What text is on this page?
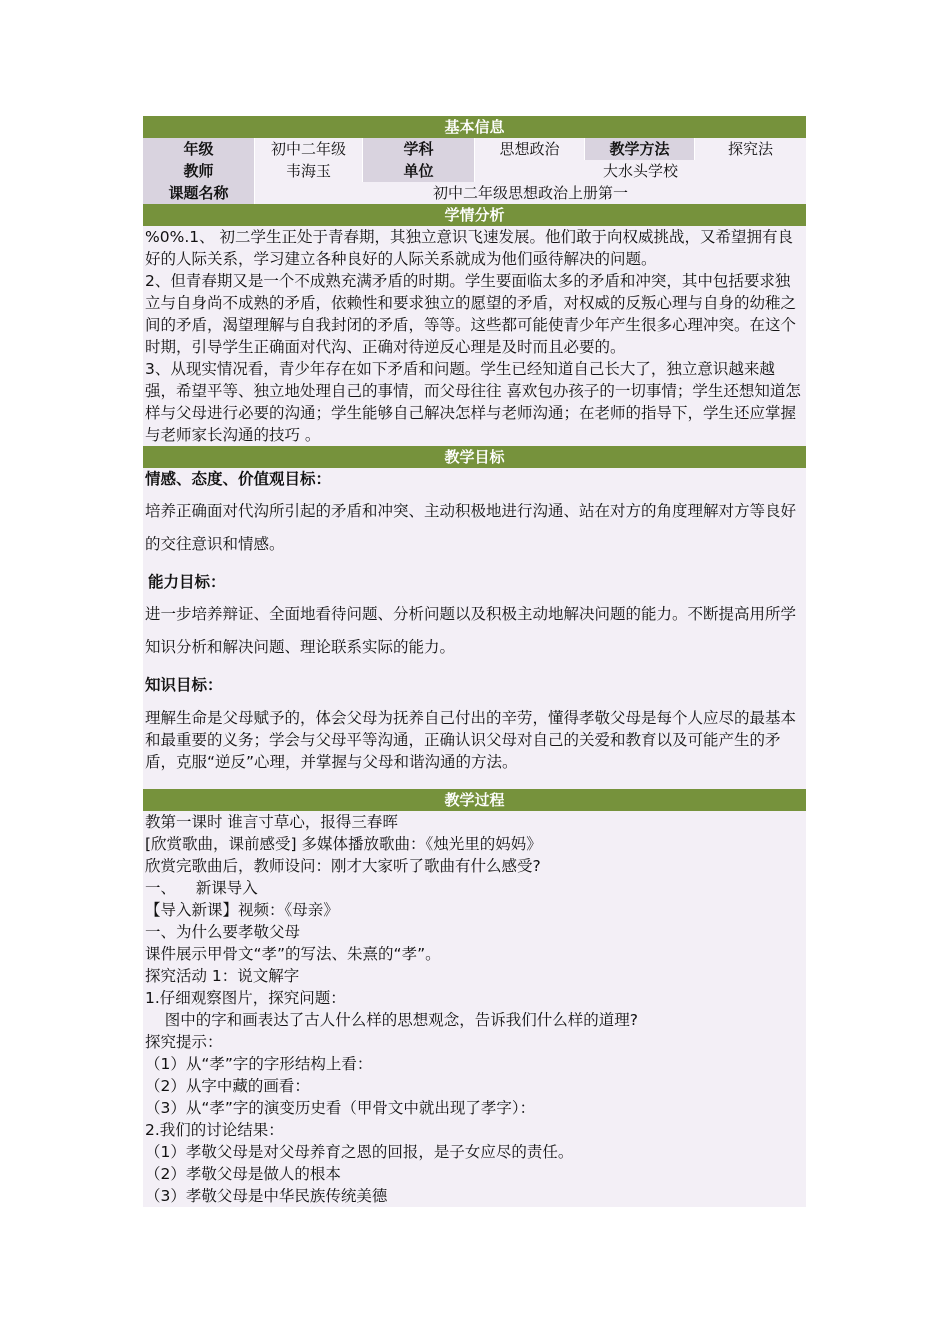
基本信息
年级	初中二年级	学科	思想政治	教学方法	探究法
教师	韦海玉	单位	大水头学校
课题名称	初中二年级思想政治上册第一
学情分析

%0%.1、 初二学生正处于青春期，其独立意识飞速发展。他们敢于向权威挑战，又希望拥有良好的人际关系，学习建立各种良好的人际关系就成为他们亟待解决的问题。

2、但青春期又是一个不成熟充满矛盾的时期。学生要面临太多的矛盾和冲突，其中包括要求独立与自身尚不成熟的矛盾，依赖性和要求独立的愿望的矛盾，对权威的反叛心理与自身的幼稚之间的矛盾，渴望理解与自我封闭的矛盾，等等。这些都可能使青少年产生很多心理冲突。在这个时期，引导学生正确面对代沟、正确对待逆反心理是及时而且必要的。

3、从现实情况看，青少年存在如下矛盾和问题。学生已经知道自己长大了，独立意识越来越强，希望平等、独立地处理自己的事情，而父母往往 喜欢包办孩子的一切事情；学生还想知道怎样与父母进行必要的沟通；学生能够自己解决怎样与老师沟通；在老师的指导下，学生还应掌握与老师家长沟通的技巧 。

教学目标

情感、态度、价值观目标：

培养正确面对代沟所引起的矛盾和冲突、主动积极地进行沟通、站在对方的角度理解对方等良好的交往意识和情感。

能力目标：

进一步培养辩证、全面地看待问题、分析问题以及积极主动地解决问题的能力。不断提高用所学知识分析和解决问题、理论联系实际的能力。

知识目标：

理解生命是父母赋予的，体会父母为抚养自己付出的辛劳，懂得孝敬父母是每个人应尽的最基本和最重要的义务；学会与父母平等沟通，正确认识父母对自己的关爱和教育以及可能产生的矛盾，克服“逆反”心理，并掌握与父母和谐沟通的方法。

教学过程

教第一课时 谁言寸草心，报得三春晖

[欣赏歌曲，课前感受] 多媒体播放歌曲：《烛光里的妈妈》

欣赏完歌曲后，教师设问：刚才大家听了歌曲有什么感受?

一、    新课导入

【导入新课】视频：《母亲》

一、为什么要孝敬父母

课件展示甲骨文“孝”的写法、朱熹的“孝”。

探究活动 1：说文解字

1.仔细观察图片，探究问题：

图中的字和画表达了古人什么样的思想观念，告诉我们什么样的道理?

探究提示：

（1）从“孝”字的字形结构上看：

（2）从字中藏的画看：

（3）从“孝”字的演变历史看（甲骨文中就出现了孝字）：

2.我们的讨论结果：

（1）孝敬父母是对父母养育之恩的回报，是子女应尽的责任。

（2）孝敬父母是做人的根本

（3）孝敬父母是中华民族传统美德
